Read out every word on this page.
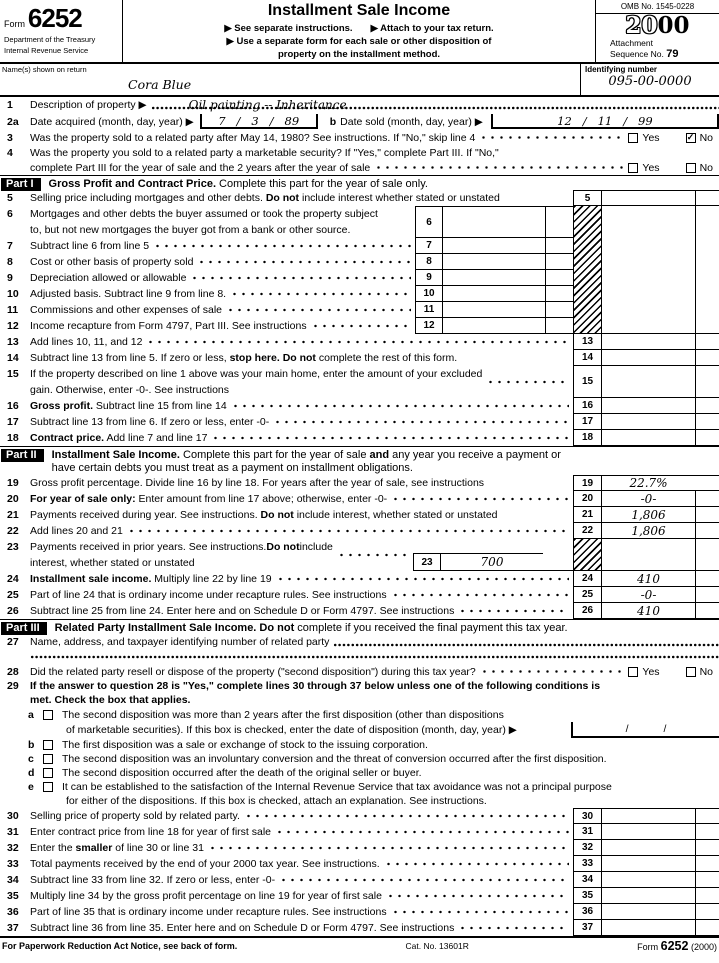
Form 6252
Department of the Treasury
Internal Revenue Service
Installment Sale Income
▶ See separate instructions. ▶ Attach to your tax return.
▶ Use a separate form for each sale or other disposition of
property on the installment method.
OMB No. 1545-0228
2000
Attachment
Sequence No. 79
Name(s) shown on return
Cora Blue
Identifying number
095-00-0000
1	Description of property ▶	Oil painting -- Inheritance
2a	Date acquired (month, day, year) ▶ 7   /   3   /   89	b Date sold (month, day, year) ▶	12   /   11   /   99
3	Was the property sold to a related party after May 14, 1980? See instructions. If "No," skip line 4	Yes	✓ No
4	Was the property you sold to a related party a marketable security? If "Yes," complete Part III. If "No,"
complete Part III for the year of sale and the 2 years after the year of sale	Yes	No
Part I	Gross Profit and Contract Price. Complete this part for the year of sale only.
5	Selling price including mortgages and other debts. Do not include interest whether stated or unstated	5
6	Mortgages and other debts the buyer assumed or took the property subject
to, but not new mortgages the buyer got from a bank or other source.
6
7	Subtract line 6 from line 5	7
8	Cost or other basis of property sold	8
9	Depreciation allowed or allowable	9
10	Adjusted basis. Subtract line 9 from line 8.	10
11	Commissions and other expenses of sale	11
12	Income recapture from Form 4797, Part III. See instructions	12
13	Add lines 10, 11, and 12	13
14	Subtract line 13 from line 5. If zero or less, stop here. Do not complete the rest of this form.	14
15	If the property described on line 1 above was your main home, enter the amount of your excluded
gain. Otherwise, enter -0-. See instructions
15
16	Gross profit. Subtract line 15 from line 14	16
17	Subtract line 13 from line 6. If zero or less, enter -0-	17
18	Contract price. Add line 7 and line 17	18
Part II	Installment Sale Income. Complete this part for the year of sale and any year you receive a payment or
have certain debts you must treat as a payment on installment obligations.
19	Gross profit percentage. Divide line 16 by line 18. For years after the year of sale, see instructions	19	22.7%
20	For year of sale only: Enter amount from line 17 above; otherwise, enter -0-	20	-0-
21	Payments received during year. See instructions. Do not include interest, whether stated or unstated	21	1,806
22	Add lines 20 and 21	22	1,806
23	Payments received in prior years. See instructions. Do not include
interest, whether stated or unstated	23	700
24	Installment sale income. Multiply line 22 by line 19	24	410
25	Part of line 24 that is ordinary income under recapture rules. See instructions	25	-0-
26	Subtract line 25 from line 24. Enter here and on Schedule D or Form 4797. See instructions	26	410
Part III	Related Party Installment Sale Income. Do not complete if you received the final payment this tax year.
27	Name, address, and taxpayer identifying number of related party
28	Did the related party resell or dispose of the property ("second disposition") during this tax year?	Yes	No
29	If the answer to question 28 is "Yes," complete lines 30 through 37 below unless one of the following conditions is
met. Check the box that applies.
a	The second disposition was more than 2 years after the first disposition (other than dispositions
of marketable securities). If this box is checked, enter the date of disposition (month, day, year) ▶	/            /
b	The first disposition was a sale or exchange of stock to the issuing corporation.
c	The second disposition was an involuntary conversion and the threat of conversion occurred after the first disposition.
d	The second disposition occurred after the death of the original seller or buyer.
e	It can be established to the satisfaction of the Internal Revenue Service that tax avoidance was not a principal purpose
for either of the dispositions. If this box is checked, attach an explanation. See instructions.
30	Selling price of property sold by related party.	30
31	Enter contract price from line 18 for year of first sale	31
32	Enter the smaller of line 30 or line 31	32
33	Total payments received by the end of your 2000 tax year. See instructions.	33
34	Subtract line 33 from line 32. If zero or less, enter -0-	34
35	Multiply line 34 by the gross profit percentage on line 19 for year of first sale	35
36	Part of line 35 that is ordinary income under recapture rules. See instructions	36
37	Subtract line 36 from line 35. Enter here and on Schedule D or Form 4797. See instructions	37
For Paperwork Reduction Act Notice, see back of form.	Cat. No. 13601R	Form 6252 (2000)
